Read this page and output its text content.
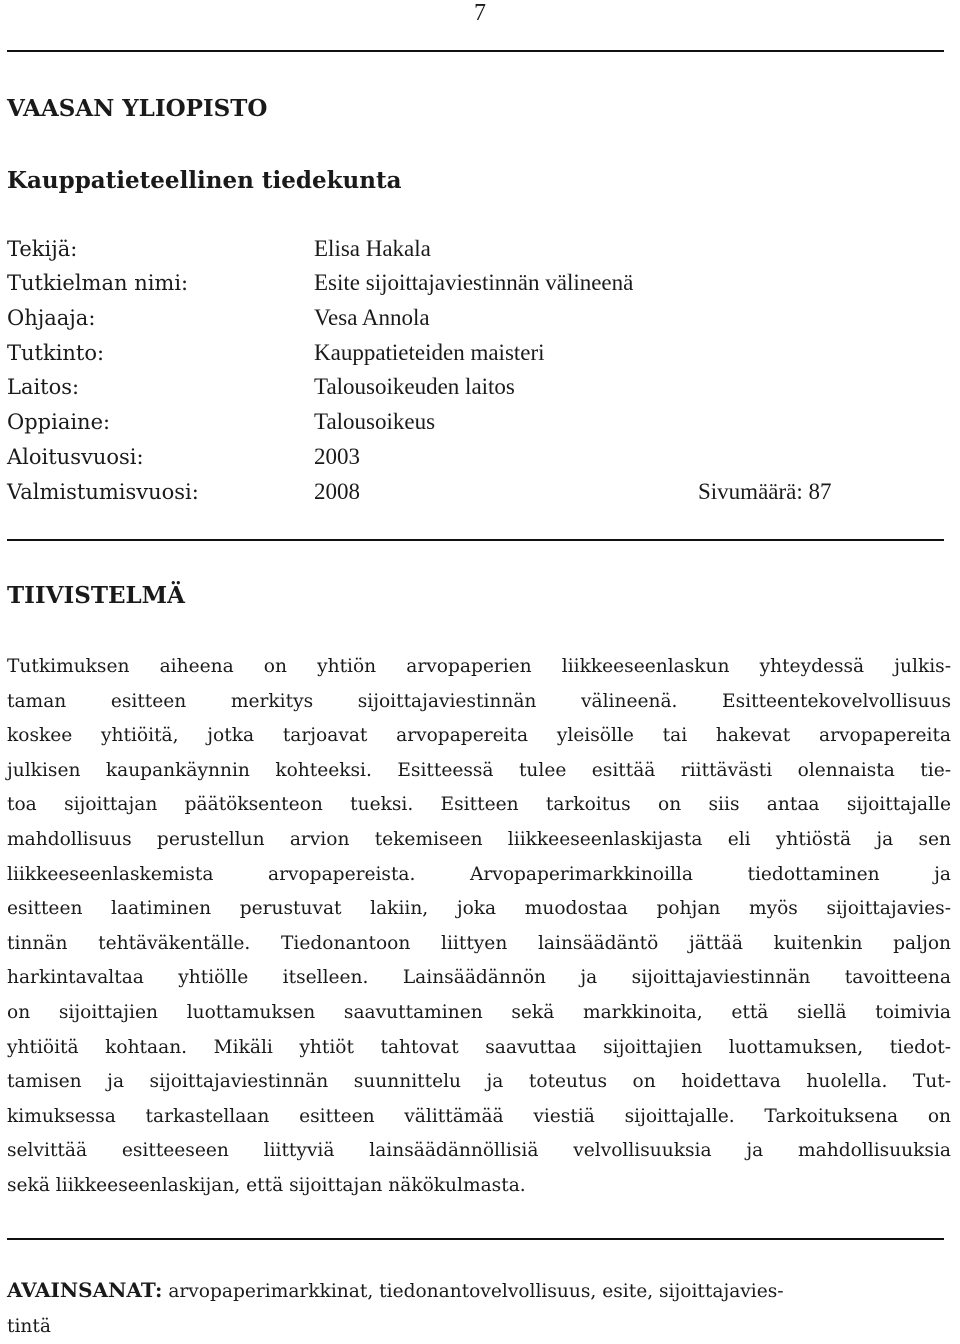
7
VAASAN YLIOPISTO
Kauppatieteellinen tiedekunta
Tekijä:	Elisa Hakala
Tutkielman nimi:	Esite sijoittajaviestinnän välineenä
Ohjaaja:	Vesa Annola
Tutkinto:	Kauppatieteiden maisteri
Laitos:	Talousoikeuden laitos
Oppiaine:	Talousoikeus
Aloitusvuosi:	2003
Valmistumisvuosi:	2008	Sivumäärä: 87
TIIVISTELMÄ
Tutkimuksen aiheena on yhtiön arvopaperien liikkeeseenlaskun yhteydessä julkis-
taman esitteen merkitys sijoittajaviestinnän välineenä. Esitteentekovelvollisuus
koskee yhtiöitä, jotka tarjoavat arvopapereita yleisölle tai hakevat arvopapereita
julkisen kaupankäynnin kohteeksi. Esitteessä tulee esittää riittävästi olennaista tie-
toa sijoittajan päätöksenteon tueksi. Esitteen tarkoitus on siis antaa sijoittajalle
mahdollisuus perustellun arvion tekemiseen liikkeeseenlaskijasta eli yhtiöstä ja sen
liikkeeseenlaskemista arvopapereista. Arvopaperimarkkinoilla tiedottaminen ja
esitteen laatiminen perustuvat lakiin, joka muodostaa pohjan myös sijoittajavies-
tinnän tehtäväkentälle. Tiedonantoon liittyen lainsäädäntö jättää kuitenkin paljon
harkintavaltaa yhtiölle itselleen. Lainsäädännön ja sijoittajaviestinnän tavoitteena
on sijoittajien luottamuksen saavuttaminen sekä markkinoita, että siellä toimivia
yhtiöitä kohtaan. Mikäli yhtiöt tahtovat saavuttaa sijoittajien luottamuksen, tiedot-
tamisen ja sijoittajaviestinnän suunnittelu ja toteutus on hoidettava huolella. Tut-
kimuksessa tarkastellaan esitteen välittämää viestiä sijoittajalle. Tarkoituksena on
selvittää esitteeseen liittyviä lainsäädännöllisiä velvollisuuksia ja mahdollisuuksia
sekä liikkeeseenlaskijan, että sijoittajan näkökulmasta.
AVAINSANAT: arvopaperimarkkinat, tiedonantovelvollisuus, esite, sijoittajavies-
tintä
